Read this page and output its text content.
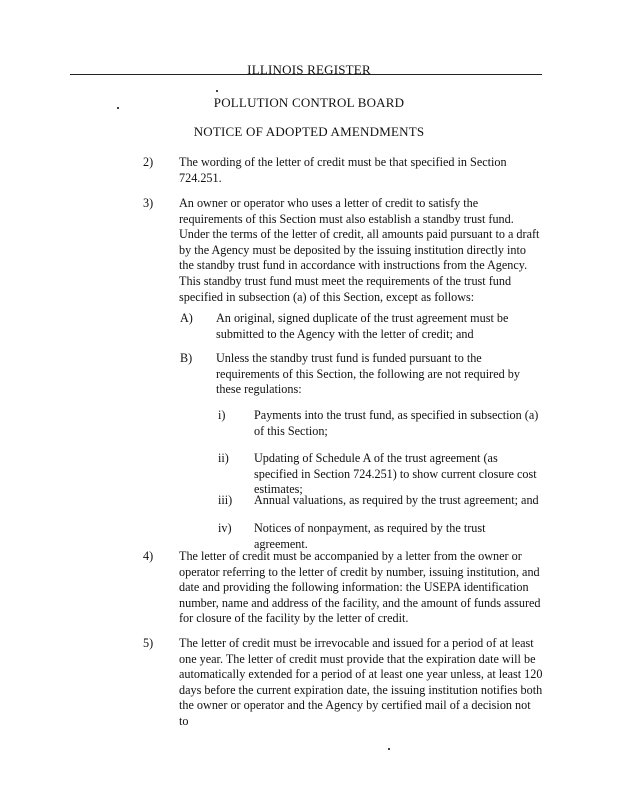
ILLINOIS REGISTER
POLLUTION CONTROL BOARD
NOTICE OF ADOPTED AMENDMENTS
2) The wording of the letter of credit must be that specified in Section 724.251.
3) An owner or operator who uses a letter of credit to satisfy the requirements of this Section must also establish a standby trust fund. Under the terms of the letter of credit, all amounts paid pursuant to a draft by the Agency must be deposited by the issuing institution directly into the standby trust fund in accordance with instructions from the Agency. This standby trust fund must meet the requirements of the trust fund specified in subsection (a) of this Section, except as follows:
A) An original, signed duplicate of the trust agreement must be submitted to the Agency with the letter of credit; and
B) Unless the standby trust fund is funded pursuant to the requirements of this Section, the following are not required by these regulations:
i) Payments into the trust fund, as specified in subsection (a) of this Section;
ii) Updating of Schedule A of the trust agreement (as specified in Section 724.251) to show current closure cost estimates;
iii) Annual valuations, as required by the trust agreement; and
iv) Notices of nonpayment, as required by the trust agreement.
4) The letter of credit must be accompanied by a letter from the owner or operator referring to the letter of credit by number, issuing institution, and date and providing the following information: the USEPA identification number, name and address of the facility, and the amount of funds assured for closure of the facility by the letter of credit.
5) The letter of credit must be irrevocable and issued for a period of at least one year. The letter of credit must provide that the expiration date will be automatically extended for a period of at least one year unless, at least 120 days before the current expiration date, the issuing institution notifies both the owner or operator and the Agency by certified mail of a decision not to
